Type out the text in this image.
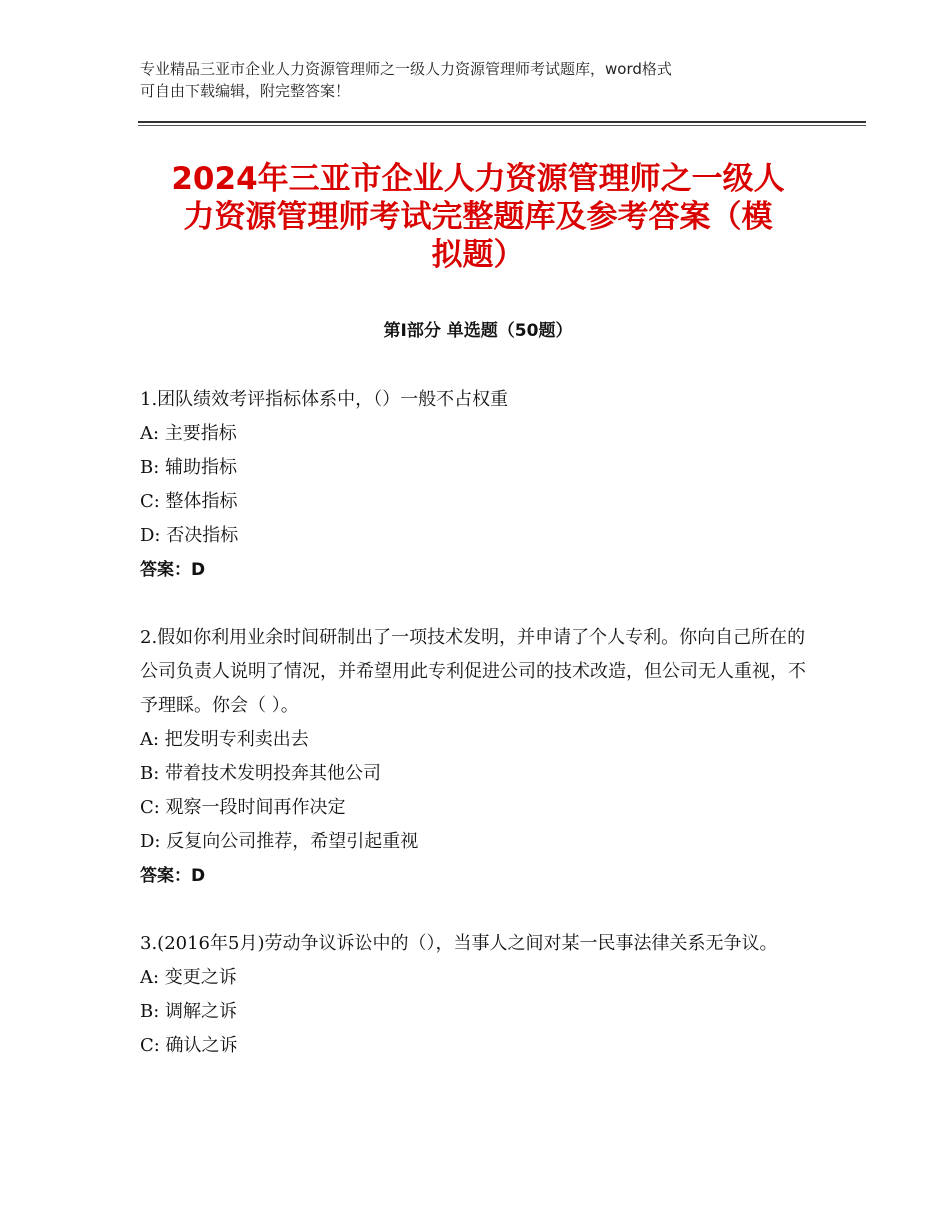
专业精品三亚市企业人力资源管理师之一级人力资源管理师考试题库，word格式
可自由下载编辑，附完整答案！
2024年三亚市企业人力资源管理师之一级人
力资源管理师考试完整题库及参考答案（模
拟题）
第Ⅰ部分 单选题（50题）

1.团队绩效考评指标体系中，（）一般不占权重

A: 主要指标
B: 辅助指标
C: 整体指标
D: 否决指标
答案：D

2.假如你利用业余时间研制出了一项技术发明，并申请了个人专利。你向自己所在的公司负责人说明了情况，并希望用此专利促进公司的技术改造，但公司无人重视，不予理睬。你会（ ）。

A: 把发明专利卖出去
B: 带着技术发明投奔其他公司
C: 观察一段时间再作决定
D: 反复向公司推荐，希望引起重视
答案：D

3.(2016年5月)劳动争议诉讼中的（），当事人之间对某一民事法律关系无争议。

A: 变更之诉
B: 调解之诉
C: 确认之诉
